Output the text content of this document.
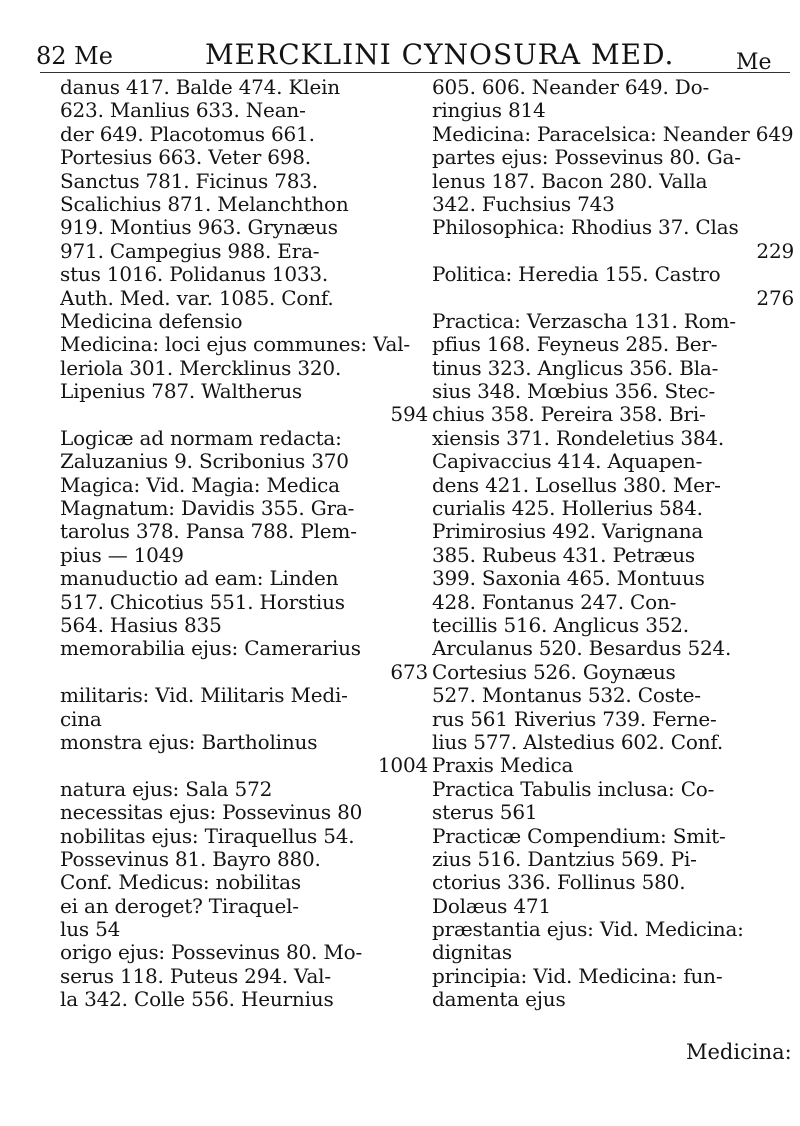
82 Me	MERCKLINI CYNOSURA MED.	Me
danus 417. Balde 474. Klein
623. Manlius 633. Nean-
der 649. Placotomus 661.
Portesius 663. Veter 698.
Sanctus 781. Ficinus 783.
Scalichius 871. Melanchthon
919. Montius 963. Grynæus
971. Campegius 988. Era-
stus 1016. Polidanus 1033.
Auth. Med. var. 1085. Conf.
Medicina defensio
Medicina: loci ejus communes: Val-
leriola 301. Mercklinus 320.
Lipenius 787. Waltherus
594
Logicæ ad normam redacta:
Zaluzanius 9. Scribonius 370
Magica: Vid. Magia: Medica
Magnatum: Davidis 355. Gra-
tarolus 378. Pansa 788. Plem-
pius — 1049
manuductio ad eam: Linden
517. Chicotius 551. Horstius
564. Hasius 835
memorabilia ejus: Camerarius
673
militaris: Vid. Militaris Medi-
cina
monstra ejus: Bartholinus
1004
natura ejus: Sala 572
necessitas ejus: Possevinus 80
nobilitas ejus: Tiraquellus 54.
Possevinus 81. Bayro 880.
Conf. Medicus: nobilitas
ei an deroget? Tiraquel-
lus 54
origo ejus: Possevinus 80. Mo-
serus 118. Puteus 294. Val-
la 342. Colle 556. Heurnius
605. 606. Neander 649. Do-
ringius 814
Medicina: Paracelsica: Neander 649
partes ejus: Possevinus 80. Ga-
lenus 187. Bacon 280. Valla
342. Fuchsius 743
Philosophica: Rhodius 37. Clas
229
Politica: Heredia 155. Castro
276
Practica: Verzascha 131. Rom-
pfius 168. Feyneus 285. Ber-
tinus 323. Anglicus 356. Bla-
sius 348. Mœbius 356. Stec-
chius 358. Pereira 358. Bri-
xiensis 371. Rondeletius 384.
Capivaccius 414. Aquapen-
dens 421. Losellus 380. Mer-
curialis 425. Hollerius 584.
Primirosius 492. Varignana
385. Rubeus 431. Petræus
399. Saxonia 465. Montuus
428. Fontanus 247. Con-
tecillis 516. Anglicus 352.
Arculanus 520. Besardus 524.
Cortesius 526. Goynæus
527. Montanus 532. Coste-
rus 561 Riverius 739. Ferne-
lius 577. Alstedius 602. Conf.
Praxis Medica
Practica Tabulis inclusa: Co-
sterus 561
Practicæ Compendium: Smit-
zius 516. Dantzius 569. Pi-
ctorius 336. Follinus 580.
Dolæus 471
præstantia ejus: Vid. Medicina:
dignitas
principia: Vid. Medicina: fun-
damenta ejus
Medicina:
